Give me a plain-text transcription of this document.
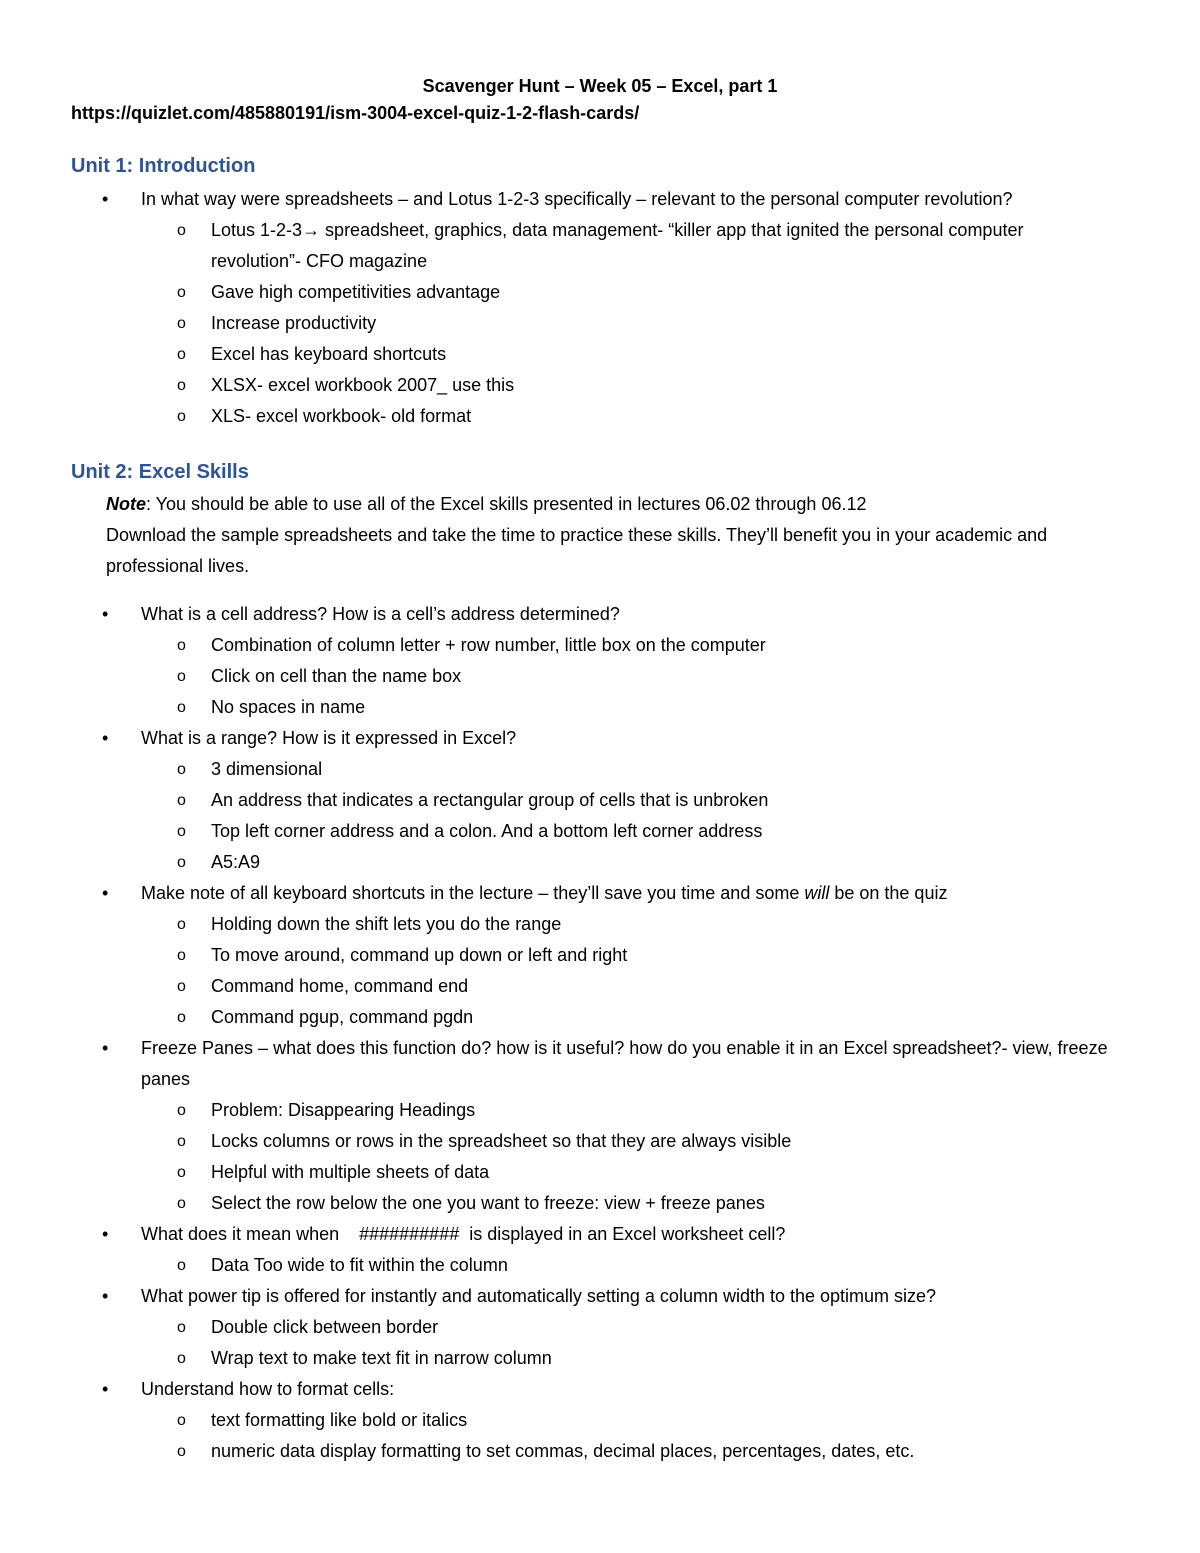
Scavenger Hunt – Week 05 – Excel, part 1
https://quizlet.com/485880191/ism-3004-excel-quiz-1-2-flash-cards/
Unit 1: Introduction
• In what way were spreadsheets – and Lotus 1-2-3 specifically – relevant to the personal computer revolution?
o Lotus 1-2-3→ spreadsheet, graphics, data management- “killer app that ignited the personal computer revolution”- CFO magazine
o Gave high competitivities advantage
o Increase productivity
o Excel has keyboard shortcuts
o XLSX- excel workbook 2007_ use this
o XLS- excel workbook- old format
Unit 2: Excel Skills
Note: You should be able to use all of the Excel skills presented in lectures 06.02 through 06.12
Download the sample spreadsheets and take the time to practice these skills. They’ll benefit you in your academic and professional lives.
• What is a cell address? How is a cell’s address determined?
o Combination of column letter + row number, little box on the computer
o Click on cell than the name box
o No spaces in name
• What is a range? How is it expressed in Excel?
o 3 dimensional
o An address that indicates a rectangular group of cells that is unbroken
o Top left corner address and a colon. And a bottom left corner address
o A5:A9
• Make note of all keyboard shortcuts in the lecture – they’ll save you time and some will be on the quiz
o Holding down the shift lets you do the range
o To move around, command up down or left and right
o Command home, command end
o Command pgup, command pgdn
• Freeze Panes – what does this function do? how is it useful? how do you enable it in an Excel spreadsheet?- view, freeze panes
o Problem: Disappearing Headings
o Locks columns or rows in the spreadsheet so that they are always visible
o Helpful with multiple sheets of data
o Select the row below the one you want to freeze: view + freeze panes
• What does it mean when    ##########  is displayed in an Excel worksheet cell?
o Data Too wide to fit within the column
• What power tip is offered for instantly and automatically setting a column width to the optimum size?
o Double click between border
o Wrap text to make text fit in narrow column
• Understand how to format cells:
o text formatting like bold or italics
o numeric data display formatting to set commas, decimal places, percentages, dates, etc.
